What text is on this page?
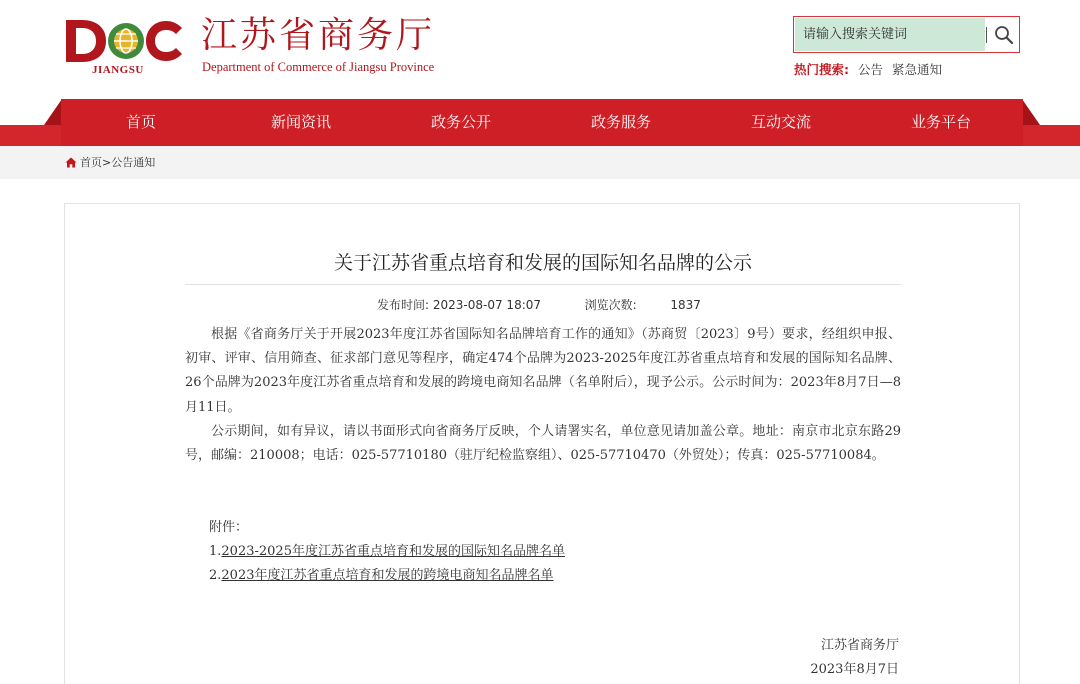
JIANGSU
江苏省商务厅
Department of Commerce of Jiangsu Province
请输入搜索关键词	热门搜索: 公告 紧急通知
首页	新闻资讯	政务公开	政务服务	互动交流	业务平台
首页>公告通知
关于江苏省重点培育和发展的国际知名品牌的公示
发布时间: 2023-08-07 18:07	浏览次数:	1837

根据《省商务厅关于开展2023年度江苏省国际知名品牌培育工作的通知》（苏商贸〔2023〕9号）要求，经组织申报、初审、评审、信用筛查、征求部门意见等程序，确定474个品牌为2023-2025年度江苏省重点培育和发展的国际知名品牌、26个品牌为2023年度江苏省重点培育和发展的跨境电商知名品牌（名单附后），现予公示。公示时间为：2023年8月7日—8月11日。

公示期间，如有异议，请以书面形式向省商务厅反映，个人请署实名，单位意见请加盖公章。地址：南京市北京东路29号，邮编：210008；电话：025-57710180（驻厅纪检监察组）、025-57710470（外贸处）；传真：025-57710084。

附件：
1.2023-2025年度江苏省重点培育和发展的国际知名品牌名单
2.2023年度江苏省重点培育和发展的跨境电商知名品牌名单
江苏省商务厅
2023年8月7日
